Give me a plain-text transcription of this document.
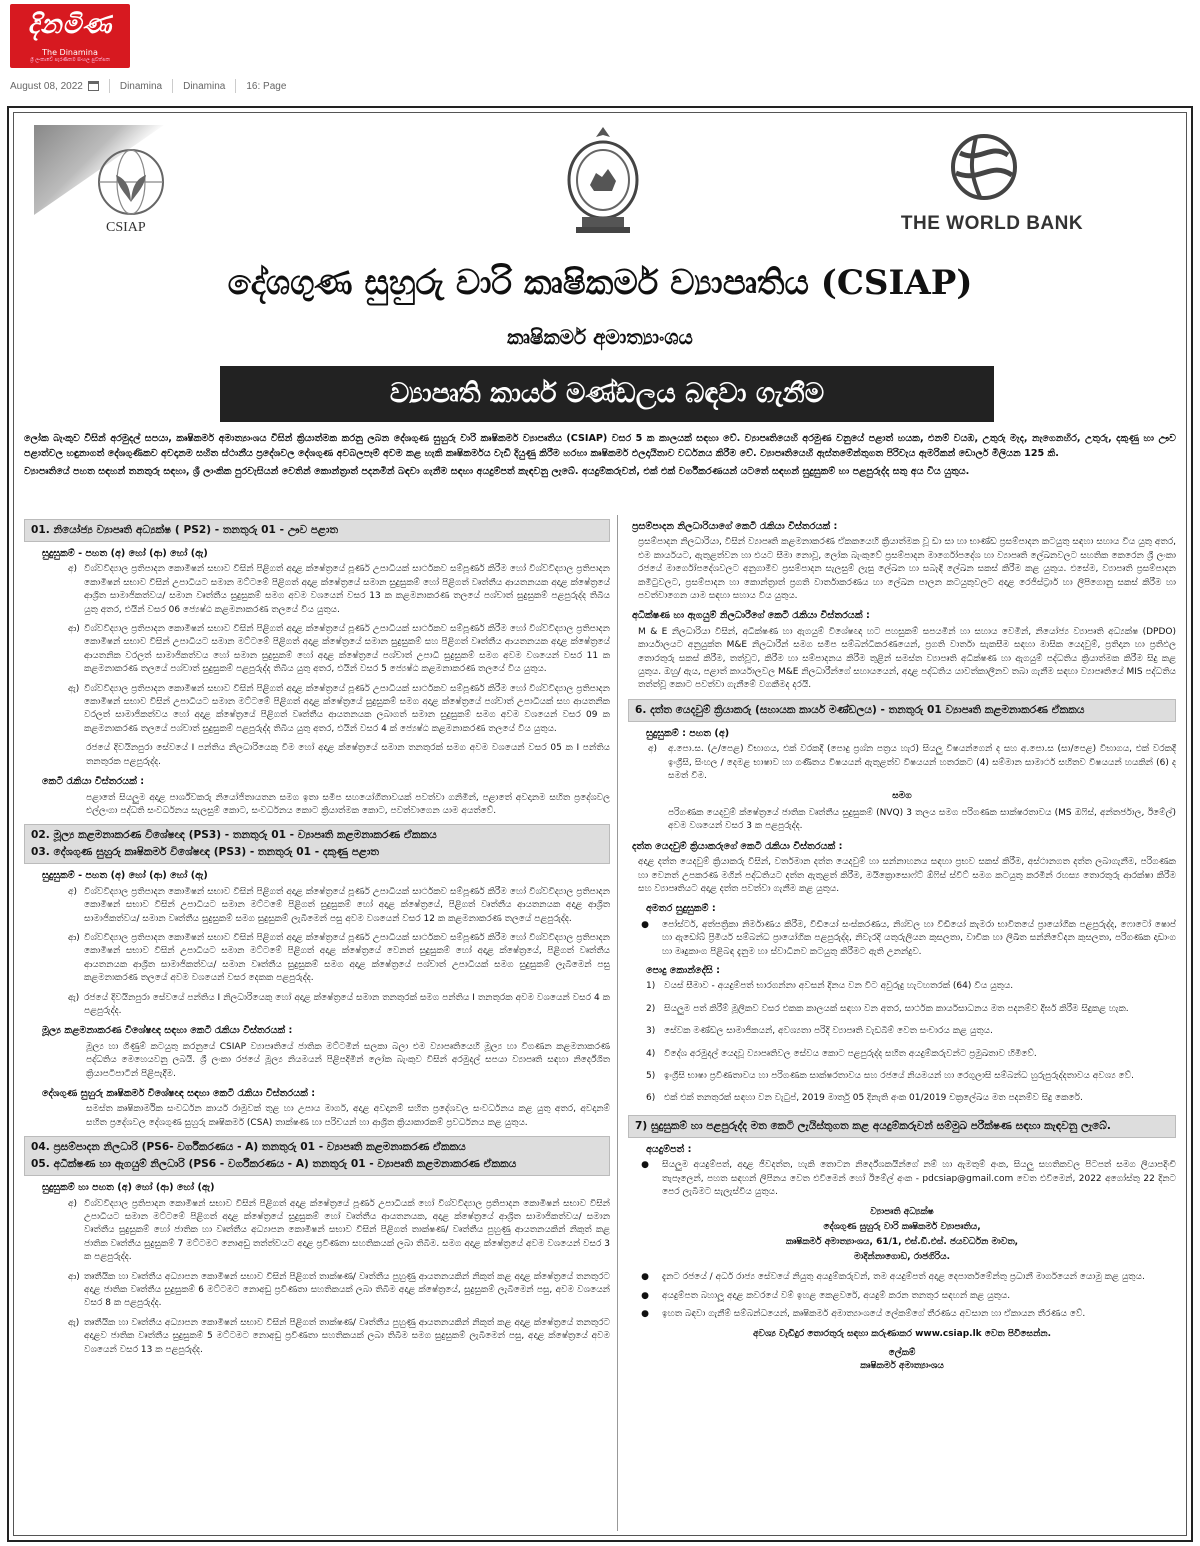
දිනමිණ
The Dinamina
ශ්‍රී ලංකාවේ පැරණිතම සිංහල පුවත්පත
August 08, 2022	Dinamina Dinamina 16: Page
CSIAP	THE WORLD BANK
දේශගුණ සුහුරු වාරි කෘෂිකර්ම ව්‍යාපෘතිය (CSIAP)
කෘෂිකර්ම අමාත්‍යාංශය
ව්‍යාපෘති කාර්ය මණ්ඩලය බඳවා ගැනීම

ලෝක බැංකුව විසින් අරමුදල් සපයා, කෘෂිකර්ම අමාත්‍යාංශය විසින් ක්‍රියාත්මක කරනු ලබන දේශගුණ සුහුරු වාරි කෘෂිකර්ම ව්‍යාපෘතිය (CSIAP) වසර 5 ක කාලයක් සඳහා වේ. ව්‍යාපෘතියෙහි අරමුණ වනුයේ පළාත් හයක, එනම් වයඹ, උතුරු මැද, නැගෙනහිර, උතුරු, දකුණු හා ඌව පළාත්වල හඳුනාගත් දේශගුණිකව අවදානම සහිත ස්ථානීය ප්‍රදේශවල දේශගුණ අවබලපෑම් අවම කළ හැකි කෘෂිකර්මය වැඩි දියුණු කිරීම හරහා කෘෂිකර්ම ඵලදායිතාව වර්ධනය කිරීම වේ. ව්‍යාපෘතියෙහි ඇස්තමේන්තුගත පිරිවැය ඇමරිකන් ඩොලර් මිලියන 125 කි.

ව්‍යාපෘතියේ පහත සඳහන් තනතුරු සඳහා, ශ්‍රී ලාංකික පුරවැසියන් වෙතින් කොන්ත්‍රාත් පදනමින් බඳවා ගැනීම සඳහා අයදුම්පත් කැඳවනු ලැබේ. අයදුම්කරුවන්, එක් එක් වර්ගීකරණයන් යටතේ සඳහන් සුදුසුකම් හා පළපුරුද්ද සතු අය විය යුතුය.

01. නියෝජ්‍ය ව්‍යාපෘති අධ්‍යක්ෂ ( PS2) - තනතුරු 01 - ඌව පළාත
සුදුසුකම් - පහත (අ) හෝ (ආ) හෝ (ඇ)
අ) විශ්වවිද්‍යාල ප්‍රතිපාදන කොමිෂන් සභාව විසින් පිළිගත් අදාළ ක්ෂේත්‍රයේ පූර්ණ උපාධියක් සාර්ථකව සම්පූර්ණ කිරීම හෝ විශ්වවිද්‍යාල ප්‍රතිපාදන කොමිෂන් සභාව විසින් උපාධියට සමාන මට්ටමේ පිළිගත් අදාළ ක්ෂේත්‍රයේ සමාන සුදුසුකම් හෝ පිළිගත් වෘත්තීය ආයතනයක අදාළ ක්ෂේත්‍රයේ ආශ්‍රිත සාමාජිකත්වය/ සමාන වෘත්තීය සුදුසුකම් සමග අවම වශයෙන් වසර 13 ක කළමනාකරණ තලයේ පශ්චාත් සුදුසුකම් පළපුරුද්ද තිබිය යුතු අතර, එයින් වසර 06 ජ්‍යෙෂ්ඨ කළමනාකරණ තලයේ විය යුතුය.
ආ) විශ්වවිද්‍යාල ප්‍රතිපාදන කොමිෂන් සභාව විසින් පිළිගත් අදාළ ක්ෂේත්‍රයේ පූර්ණ උපාධියක් සාර්ථකව සම්පූර්ණ කිරීම හෝ විශ්වවිද්‍යාල ප්‍රතිපාදන කොමිෂන් සභාව විසින් උපාධියට සමාන මට්ටමේ පිළිගත් අදාළ ක්ෂේත්‍රයේ සමාන සුදුසුකම් සහ පිළිගත් වෘත්තීය ආයතනයක අදාළ ක්ෂේත්‍රයේ ආයතනික වරලත් සාමාජිකත්වය හෝ සමාන සුදුසුකම් හෝ අදාළ ක්ෂේත්‍රයේ පශ්චාත් උපාධි සුදුසුකම් සමග අවම වශයෙන් වසර 11 ක කළමනාකරණ තලයේ පශ්චාත් සුදුසුකම් පළපුරුද්ද තිබිය යුතු අතර, එයින් වසර 5 ජ්‍යෙෂ්ඨ කළමනාකරණ තලයේ විය යුතුය.
ඇ) විශ්වවිද්‍යාල ප්‍රතිපාදන කොමිෂන් සභාව විසින් පිළිගත් අදාළ ක්ෂේත්‍රයේ පූර්ණ උපාධියක් සාර්ථකව සම්පූර්ණ කිරීම හෝ විශ්වවිද්‍යාල ප්‍රතිපාදන කොමිෂන් සභාව විසින් උපාධියට සමාන මට්ටමේ පිළිගත් අදාළ ක්ෂේත්‍රයේ සුදුසුකම් සමග අදාළ ක්ෂේත්‍රයේ පශ්චාත් උපාධියක් සහ ආයතනික වරලත් සාමාජිකත්වය හෝ අදාළ ක්ෂේත්‍රයේ පිළිගත් වෘත්තීය ආයතනයක ලබාගත් සමාන සුදුසුකම් සමග අවම වශයෙන් වසර 09 ක කළමනාකරණ තලයේ පශ්චාත් සුදුසුකම් පළපුරුද්ද තිබිය යුතු අතර, එයින් වසර 4 ක් ජ්‍යෙෂ්ඨ කළමනාකරණ තලයේ විය යුතුය.
රජයේ දිවයිනපුරා සේවයේ I පන්තිය නිලධාරියෙකු වීම හෝ අදාළ ක්ෂේත්‍රයේ සමාන තනතුරක් සමග අවම වශයෙන් වසර 05 ක I පන්තිය තනතුරක පළපුරුද්ද.
කෙටි රැකියා විස්තරයක් :
පළාතේ සියලුම අදාළ පාර්ශ්වකරු නියෝජිතායතන සමග ඉතා සමීප සහයෝගීතාවයක් පවත්වා ගනිමින්, පළාතේ අවදානම සහිත ප්‍රදේශවල එල්ලංගා පද්ධති සංවර්ධනය සැලසුම් කොට, සංවර්ධනය කොට ක්‍රියාත්මක කොට, පවත්වාගෙන යාම අයත්වේ.
02. මූල්‍ය කළමනාකරණ විශේෂඥ (PS3) - තනතුරු 01 - ව්‍යාපෘති කළමනාකරණ ඒකකය
03. දේශගුණ සුහුරු කෘෂිකර්ම විශේෂඥ (PS3) - තනතුරු 01 - දකුණු පළාත
සුදුසුකම් - පහත (අ) හෝ (ආ) හෝ (ඇ)
අ) විශ්වවිද්‍යාල ප්‍රතිපාදන කොමිෂන් සභාව විසින් පිළිගත් අදාළ ක්ෂේත්‍රයේ පූර්ණ උපාධියක් සාර්ථකව සම්පූර්ණ කිරීම හෝ විශ්වවිද්‍යාල ප්‍රතිපාදන කොමිෂන් සභාව විසින් උපාධියට සමාන මට්ටමේ පිළිගත් සුදුසුකම් හෝ අදාළ ක්ෂේත්‍රයේ, පිළිගත් වෘත්තීය ආයතනයක අදාළ ආශ්‍රිත සාමාජිකත්වය/ සමාන වෘත්තීය සුදුසුකම් සමග සුදුසුකම් ලැබීමෙන් පසු අවම වශයෙන් වසර 12 ක කළමනාකරණ තලයේ පළපුරුද්ද.
ආ) විශ්වවිද්‍යාල ප්‍රතිපාදන කොමිෂන් සභාව විසින් පිළිගත් අදාළ ක්ෂේත්‍රයේ පූර්ණ උපාධියක් සාර්ථකව සම්පූර්ණ කිරීම හෝ විශ්වවිද්‍යාල ප්‍රතිපාදන කොමිෂන් සභාව විසින් උපාධියට සමාන මට්ටමේ පිළිගත් අදාළ ක්ෂේත්‍රයේ වෙනත් සුදුසුකම් හෝ අදාළ ක්ෂේත්‍රයේ, පිළිගත් වෘත්තීය ආයතනයක ආශ්‍රිත සාමාජිකත්වය/ සමාන වෘත්තීය සුදුසුකම් සමග අදාළ ක්ෂේත්‍රයේ පශ්චාත් උපාධියක් සමග සුදුසුකම් ලැබීමෙන් පසු කළමනාකරණ තලයේ අවම වශයෙන් වසර දෙකක පළපුරුද්ද.
ඇ) රජයේ දිවයිනපුරා සේවයේ පන්තිය I නිලධාරියෙකු හෝ අදාළ ක්ෂේත්‍රයේ සමාන තනතුරක් සමග පන්තිය I තනතුරක අවම වශයෙන් වසර 4 ක පළපුරුද්ද.
මූල්‍ය කළමනාකරණ විශේෂඥ සඳහා කෙටි රැකියා විස්තරයක් :
මූල්‍ය හා ගිණුම් කටයුතු කරනුයේ CSIAP ව්‍යාපෘතියේ ජාතික මට්ටමින් සලකා බලා එම ව්‍යාපෘතියෙහි මූල්‍ය හා විගණන කළමනාකරණ පද්ධතිය මෙහෙයවනු ලබයි. ශ්‍රී ලංකා රජයේ මූල්‍ය නියමයන් පිළිපදිමින් ලෝක බැංකුව විසින් අරමුදල් සපයා ව්‍යාපෘති සඳහා නිර්දේශිත ක්‍රියාපටිපාටීන් පිළිපැදීම.
දේශගුණ සුහුරු කෘෂිකර්ම විශේෂඥ සඳහා කෙටි රැකියා විස්තරයක් :
සමස්ත කෘෂිකාර්මික සංවර්ධන කාර්ය රාමුවක් තුළ හා උපාය මාර්ග, අදාළ අවදානම් සහිත ප්‍රදේශවල සංවර්ධනය කළ යුතු අතර, අවදානම් සහිත ප්‍රදේශවල දේශගුණ සුහුරු කෘෂිකර්ම (CSA) තාක්ෂණ හා පරිචයන් හා ආශ්‍රිත ක්‍රියාකාරකම් ප්‍රවර්ධනය කළ යුතුය.
04. ප්‍රසම්පාදන නිලධාරි (PS6- වර්ගීකරණය - A) තනතුරු 01 - ව්‍යාපෘති කළමනාකරණ ඒකකය
05. අධීක්ෂණ හා ඇගයුම් නිලධාරි (PS6 - වර්ගීකරණය - A) තනතුරු 01 - ව්‍යාපෘති කළමනාකරණ ඒකකය
සුදුසුකම් හා පහත (අ) හෝ (ආ) හෝ (ඇ)
අ) විශ්වවිද්‍යාල ප්‍රතිපාදන කොමිෂන් සභාව විසින් පිළිගත් අදාළ ක්ෂේත්‍රයේ පූර්ණ උපාධියක් හෝ විශ්වවිද්‍යාල ප්‍රතිපාදන කොමිෂන් සභාව විසින් උපාධියට සමාන මට්ටමේ පිළිගත් අදාළ ක්ෂේත්‍රයේ සුදුසුකම් හෝ වෘත්තීය ආයතනයක, අදාළ ක්ෂේත්‍රයේ ආශ්‍රිත සාමාජිකත්වය/ සමාන වෘත්තීය සුදුසුකම් හෝ ජාතික හා වෘත්තීය අධ්‍යාපන කොමිෂන් සභාව විසින් පිළිගත් තාක්ෂණ/ වෘත්තීය පුහුණු ආයතනයකින් නිකුත් කළ ජාතික වෘත්තීය සුදුසුකම් 7 මට්ටමට නොඅඩු තත්ත්වයට අදාළ ප්‍රවීණතා සහතිකයක් ලබා තිබීම. සමග අදාළ ක්ෂේත්‍රයේ අවම වශයෙන් වසර 3 ක පළපුරුද්ද.
ආ) තෘතීයික හා වෘත්තීය අධ්‍යාපන කොමිෂන් සභාව විසින් පිළිගත් තාක්ෂණ/ වෘත්තීය පුහුණු ආයතනයකින් නිකුත් කළ අදාළ ක්ෂේත්‍රයේ තනතුරට අදාළ ජාතික වෘත්තීය සුදුසුකම් 6 මට්ටමට නොඅඩු ප්‍රවීණතා සහතිකයක් ලබා තිබීම අදාළ ක්ෂේත්‍රයේ, සුදුසුකම් ලැබීමෙන් පසු, අවම වශයෙන් වසර 8 ක පළපුරුද්ද.
ඇ) තෘතීයික හා වෘත්තීය අධ්‍යාපන කොමිෂන් සභාව විසින් පිළිගත් තාක්ෂණ/ වෘත්තීය පුහුණු ආයතනයකින් නිකුත් කළ අදාළ ක්ෂේත්‍රයේ තනතුරට අදාළව ජාතික වෘත්තීය සුදුසුකම් 5 මට්ටමට නොඅඩු ප්‍රවීණතා සහතිකයක් ලබා තිබීම සමග සුදුසුකම් ලැබීමෙන් පසු, අදාළ ක්ෂේත්‍රයේ අවම වශයෙන් වසර 13 ක පළපුරුද්ද.
ප්‍රසම්පාදන නිලධාරියාගේ කෙටි රැකියා විස්තරයක් :
ප්‍රසම්පාදන නිලධාරියා, විසින් ව්‍යාපෘති කළමනාකරණ ඒකකයෙහි ක්‍රියාත්මක වූ ඩා සා හා භාණ්ඩ ප්‍රසම්පාදන කටයුතු සඳහා සහාය විය යුතු අතර, එම කාර්යයට, ඇතුළත්වන හා එයට සීමා නොවූ, ලෝක බැංකුවේ ප්‍රසම්පාදන මාර්ගෝපදේශ හා ව්‍යාපෘති ලේඛනවලට සහතික කෙරෙන ශ්‍රී ලංකා රජයේ මාර්ගෝපදේශවලට අනුගාමීව ප්‍රසම්පාදන සැලසුම් ලැසු ලේඛන හා සබැඳි ලේඛන සකස් කිරීම කළ යුතුය. එසේම, ව්‍යාපෘති ප්‍රසම්පාදන කමිටුවලට, ප්‍රසම්පාදන හා කොන්ත්‍රාත් ප්‍රගති වාර්තාකරණය හා ලේඛන පාලන කටයුතුවලට අදාළ රෙජිස්ට්‍රාර් හා ලිපිගොනු සකස් කිරීම හා පවත්වාගෙන යාම සඳහා සහාය විය යුතුය.
අධීක්ෂණ හා ඇගයුම් නිලධාරීගේ කෙටි රැකියා විස්තරයක් :
M & E නිලධාරියා විසින්, අධීක්ෂණ හා ඇගයුම් විශේෂඥ හට පහසුකම් සපයමින් හා සහාය වෙමින්, නියෝජ්‍ය ව්‍යාපෘති අධ්‍යක්ෂ (DPDO) කාර්යාලයට අනුයුක්ත M&E නිලධාරීන් සමග සමීප සම්බන්ධීකරණයෙන්, ප්‍රගති වාර්තා සැකසීම සඳහා මාසික යෙදවුම්, ප්‍රතිදාන හා ප්‍රතිඵල තොරතුරු සකස් කිරීම, තත්වූට, කිරීම හා සම්පාදනය කිරීම තුළින් සමස්ත ව්‍යාපෘති අධීක්ෂණ හා ඇගයුම් පද්ධතිය ක්‍රියාත්මක කිරීම සිදු කළ යුතුය. ඔහු/ ඇය, පළාත් කාර්යාලවල M&E නිලධාරීන්ගේ සහායයෙන්, අදාළ පද්ධතිය යාවත්කාලීනව තබා ගැනීම සඳහා ව්‍යාපෘතියේ MIS පද්ධතිය තත්ත්වූ කොට පවත්වා ගැනීමේ වගකීමද දරයි.
6. දත්ත යෙදවුම් ක්‍රියාකරු (සහායක කාර්ය මණ්ඩලය) - තනතුරු 01 ව්‍යාපෘති කළමනාකරණ ඒකකය
සුදුසුකම් : පහත (අ)
අ)	අ.පො.ස. (උ/පෙළ) විභාගය, එක් වරකදී (පොදු ප්‍රශ්න පත්‍රය හැර) සියලු විෂයන්ගෙන් ද සහ අ.පො.ස (සා/පෙළ) විභාගය, එක් වරකදී ඉංග්‍රීසි, සිංහල / දෙමළ භාෂාව හා ගණිතය විෂයයන් ඇතුළත්ව විෂයයන් හතරකට (4) සම්මාන සාමාර්ථ සහිතව විෂයයන් හයකින් (6) ද සමත් වීම.
සමග
පරිගණක යෙදවුම් ක්ෂේත්‍රයේ ජාතික වෘත්තීය සුදුසුකම් (NVQ) 3 තලය සමග පරිගණක සාක්ෂරතාවය (MS ඔෆිස්, අන්තර්ජාල, ඊමේල්) අවම වශයෙන් වසර 3 ක පළපුරුද්ද.
දත්ත යෙදවුම් ක්‍රියාකරුගේ කෙටි රැකියා විස්තරයක් :
අදාළ දත්ත යෙදවුම් ක්‍රියාකරු විසින්, වර්තමාන දත්ත යෙදවුම් හා සන්නාහනය සඳහා ප්‍රභව සකස් කිරීම, අස්ථානගත දත්ත ලබාගැනීම, පරිගණක හා වෙනත් උපකරණ මගින් පද්ධතියට දත්ත ඇතුළත් කිරීම, මයික්‍රොසොෆ්ට් ඕෆිස් ස්වීට් සමග කටයුතු කරමින් රහස්‍ය තොරතුරු ආරක්ෂා කිරීම සහ ව්‍යාපෘතියට අදාළ දත්ත පවත්වා ගැනීම කළ යුතුය.
අමතර සුදුසුකම් :
●	පෝස්ටර්, අත්පත්‍රිකා නිර්මාණය කිරීම, වීඩියෝ සංස්කරණය, නිශ්චල හා වීඩියෝ කැමරා භාවිතයේ ප්‍රායෝගික පළපුරුද්ද, ෆොටෝ ෂොප් හා ඇඩෝබ් ප්‍රිමියර් සම්බන්ධ ප්‍රායෝගික පළපුරුද්ද, නිවැරදි යතුරුලියන කුසලතා, වාචික හා ලිඛිත සන්නිවේදන කුසලතා, පරිගණක දෘඩාංග හා මෘදුකාංග පිළිබඳ දැනුම හා ස්වාධීනව කටයුතු කිරීමට ඇති උනන්දුව.
පොදු කොන්දේසි :
1) වයස් සීමාව - අයදුම්පත් භාරගන්නා අවසන් දිනය වන විට අවුරුදු හැටහතරක් (64) විය යුතුය.
2) සියලුම පත් කිරීම් මූලිකව වසර එකක කාලයක් සඳහා වන අතර, සාර්ථක කාර්යසාධනය මත පදනම්ව දීර්ඝ කිරීම සිදුකළ හැක.
3) සේවක මණ්ඩල සාමාජිකයන්, අවශ්‍යතා පරිදි ව්‍යාපෘති වැඩබිම් වෙත සංචාරය කළ යුතුය.
4) විදේශ අරමුදල් යෙදවූ ව්‍යාපෘතිවල සේවය කොට පළපුරුද්ද සහිත අයදුම්කරුවන්ට ප්‍රමුඛතාව හිමිවේ.
5) ඉංග්‍රීසි භාෂා ප්‍රවීණතාවය හා පරිගණක සාක්ෂරතාවය සහ රජයේ නියමයන් හා රෙගුලාසි සම්බන්ධ හුරුපුරුද්දතාවය අවශ්‍ය වේ.
6) එක් එක් තනතුරක් සඳහා වන වැටුප්, 2019 මාර්තු 05 දිනැති අංක 01/2019 චක්‍රලේඛය මත පදනම්ව සිදු කෙරේ.
7) සුදුසුකම් හා පළපුරුද්ද මත කෙටි ලැයිස්තුගත කළ අයදුම්කරුවන් සම්මුඛ පරීක්ෂණ සඳහා කැඳවනු ලැබේ.
අයදුම්පත් :
●	සියලුම අයදුම්පත්, අදාළ ජීවදත්ත, හැකි තොටන නිර්දේශකයින්ගේ නම් හා ඇමතුම් අංක, සියලු සහතිකවල පිටපත් සමග ලියාපදිංචි තැපෑලෙන්, පහත සඳහන් ලිපිනය වෙත එවීමෙන් හෝ ඊමේල් අංක - pdcsiap@gmail.com වෙත එවීමෙන්, 2022 අගෝස්තු 22 දිනට පෙර ලැබීමට සැලැස්විය යුතුය.
ව්‍යාපෘති අධ්‍යක්ෂ
දේශගුණ සුහුරු වාරි කෘෂිකර්ම ව්‍යාපෘතිය,
කෘෂිකර්ම අමාත්‍යාංශය, 61/1, එස්.ඩී.එස්. ජයවර්ධන මාවත,
මාදින්නාගොඩ, රාජගිරිය.
●	දැනට රජයේ / අර්ධ රාජ්‍ය සේවයේ නියුතු අයදුම්කරුවන්, තම අයදුම්පත් අදාළ දෙපාර්තමේන්තු ප්‍රධානී මාර්ගයෙන් යොමු කළ යුතුය.
●	අයදුම්පත බහාලූ අදාළ කවරයේ වම් ඉහළ කෙළවරේ, අයදුම් කරන තනතුර සඳහන් කළ යුතුය.
●	ඉහත බඳවා ගැනීම් සම්බන්ධයෙන්, කෘෂිකර්ම අමාත්‍යාංශයේ ලේකම්ගේ තීරණය අවසාන හා ඒකායන තීරණය වේ.
අවශ්‍ය වැඩිදුර තොරතුරු සඳහා කරුණාකර www.csiap.lk වෙත පිවිසෙන්න.
ලේකම්
කෘෂිකර්ම අමාත්‍යාංශය
